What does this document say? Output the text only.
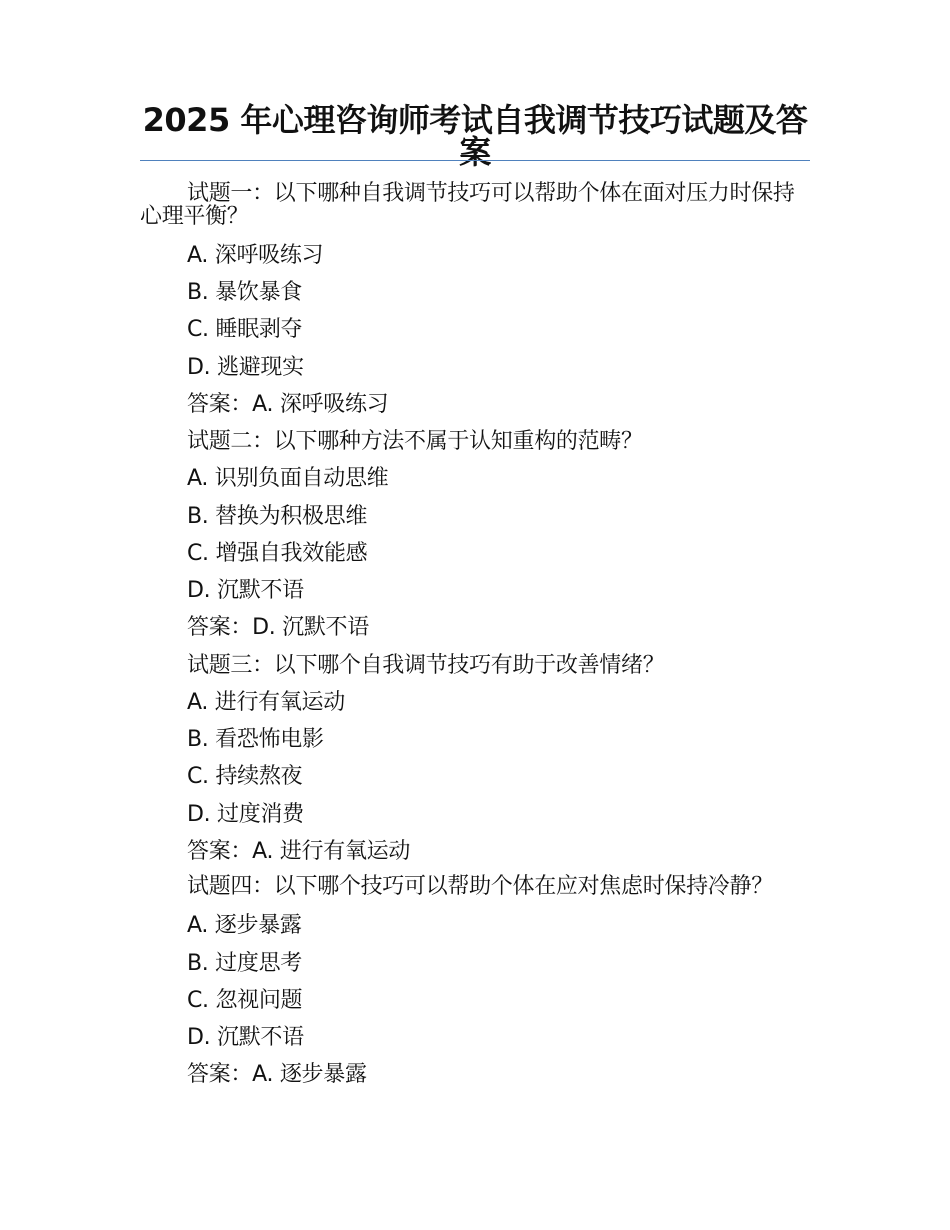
2025 年心理咨询师考试自我调节技巧试题及答案

试题一：以下哪种自我调节技巧可以帮助个体在面对压力时保持心理平衡？

A. 深呼吸练习

B. 暴饮暴食

C. 睡眠剥夺

D. 逃避现实

答案：A. 深呼吸练习

试题二：以下哪种方法不属于认知重构的范畴？

A. 识别负面自动思维

B. 替换为积极思维

C. 增强自我效能感

D. 沉默不语

答案：D. 沉默不语

试题三：以下哪个自我调节技巧有助于改善情绪？

A. 进行有氧运动

B. 看恐怖电影

C. 持续熬夜

D. 过度消费

答案：A. 进行有氧运动

试题四：以下哪个技巧可以帮助个体在应对焦虑时保持冷静？

A. 逐步暴露

B. 过度思考

C. 忽视问题

D. 沉默不语

答案：A. 逐步暴露
